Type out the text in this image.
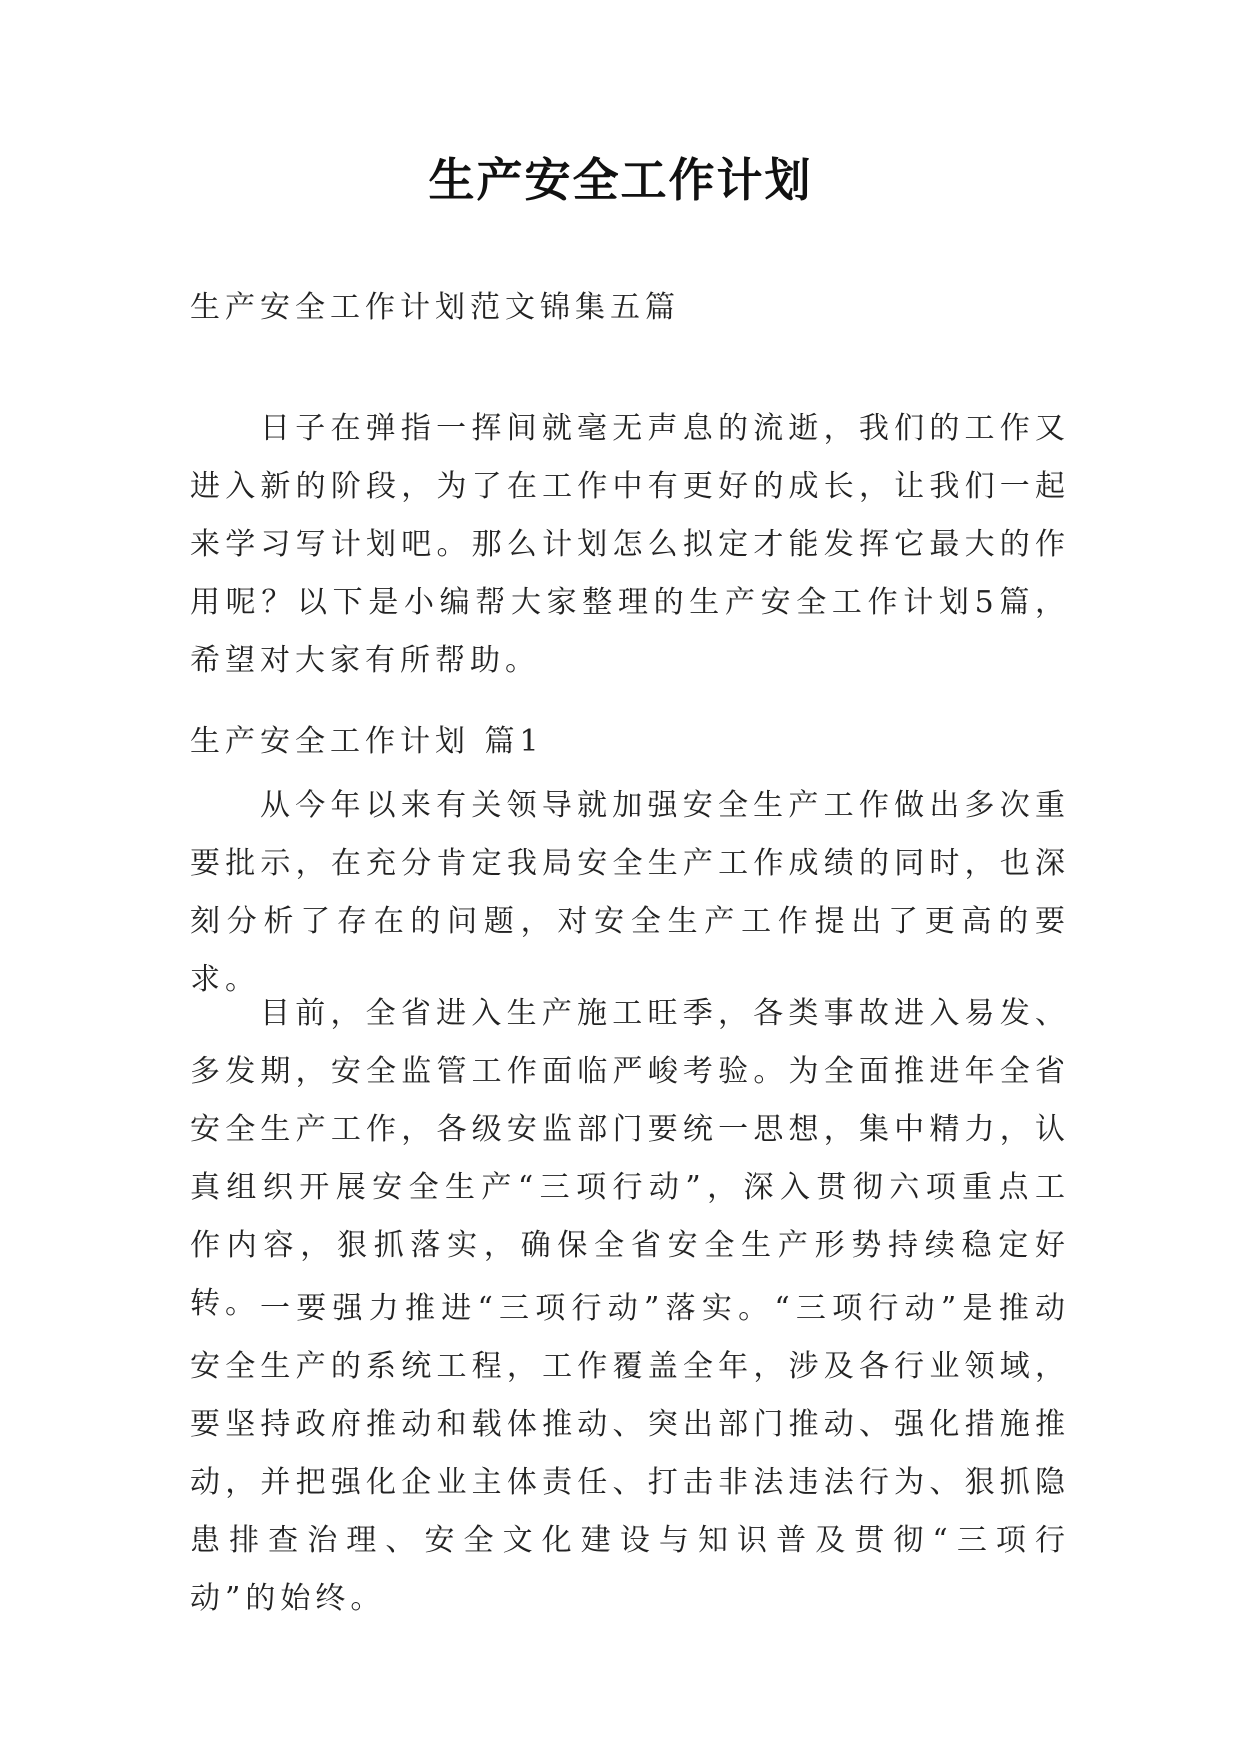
生产安全工作计划

生产安全工作计划范文锦集五篇

日子在弹指一挥间就毫无声息的流逝，我们的工作又进入新的阶段，为了在工作中有更好的成长，让我们一起来学习写计划吧。那么计划怎么拟定才能发挥它最大的作用呢？以下是小编帮大家整理的生产安全工作计划5篇，希望对大家有所帮助。

生产安全工作计划 篇1

从今年以来有关领导就加强安全生产工作做出多次重要批示，在充分肯定我局安全生产工作成绩的同时，也深刻分析了存在的问题，对安全生产工作提出了更高的要求。

目前，全省进入生产施工旺季，各类事故进入易发、多发期，安全监管工作面临严峻考验。为全面推进年全省安全生产工作，各级安监部门要统一思想，集中精力，认真组织开展安全生产“三项行动”，深入贯彻六项重点工作内容，狠抓落实，确保全省安全生产形势持续稳定好转。 一要强力推进“三项行动”落实。“三项行动”是推动安全生产的系统工程，工作覆盖全年，涉及各行业领域，要坚持政府推动和载体推动、突出部门推动、强化措施推动，并把强化企业主体责任、打击非法违法行为、狠抓隐患排查治理、安全文化建设与知识普及贯彻“三项行动”的始终。
